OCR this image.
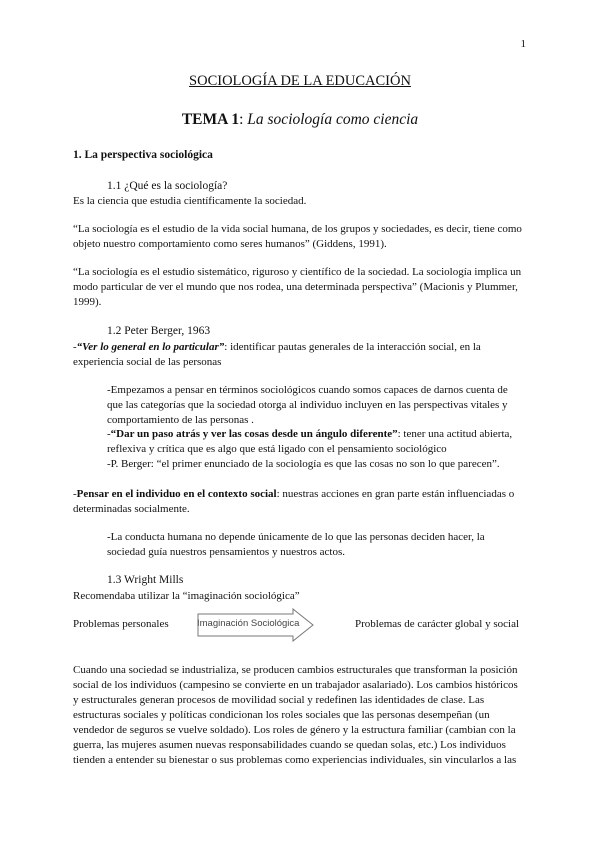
1
SOCIOLOGÍA DE LA EDUCACIÓN
TEMA 1: La sociología como ciencia
1. La perspectiva sociológica
1.1 ¿Qué es la sociología?
Es la ciencia que estudia científicamente la sociedad.
“La sociología es el estudio de la vida social humana, de los grupos y sociedades, es decir, tiene como
objeto nuestro comportamiento como seres humanos” (Giddens, 1991).
“La sociología es el estudio sistemático, riguroso y científico de la sociedad. La sociología implica un
modo particular de ver el mundo que nos rodea, una determinada perspectiva” (Macionis y Plummer,
1999).
1.2 Peter Berger, 1963
-“Ver lo general en lo particular”: identificar pautas generales de la interacción social, en la
experiencia social de las personas
-Empezamos a pensar en términos sociológicos cuando somos capaces de darnos cuenta de
que las categorías que la sociedad otorga al individuo incluyen en las perspectivas vitales y
comportamiento de las personas .
-“Dar un paso atrás y ver las cosas desde un ángulo diferente”: tener una actitud abierta,
reflexiva y crítica que es algo que está ligado con el pensamiento sociológico
-P. Berger: “el primer enunciado de la sociología es que las cosas no son lo que parecen”.
-Pensar en el individuo en el contexto social: nuestras acciones en gran parte están influenciadas o
determinadas socialmente.
-La conducta humana no depende únicamente de lo que las personas deciden hacer, la
sociedad guía nuestros pensamientos y nuestros actos.
1.3 Wright Mills
Recomendaba utilizar la “imaginación sociológica”
Problemas personales	Imaginación Sociológica	Problemas de carácter global y social
Cuando una sociedad se industrializa, se producen cambios estructurales que transforman la posición
social de los individuos (campesino se convierte en un trabajador asalariado). Los cambios históricos
y estructurales generan procesos de movilidad social y redefinen las identidades de clase. Las
estructuras sociales y políticas condicionan los roles sociales que las personas desempeñan (un
vendedor de seguros se vuelve soldado). Los roles de género y la estructura familiar (cambian con la
guerra, las mujeres asumen nuevas responsabilidades cuando se quedan solas, etc.) Los individuos
tienden a entender su bienestar o sus problemas como experiencias individuales, sin vincularlos a las
